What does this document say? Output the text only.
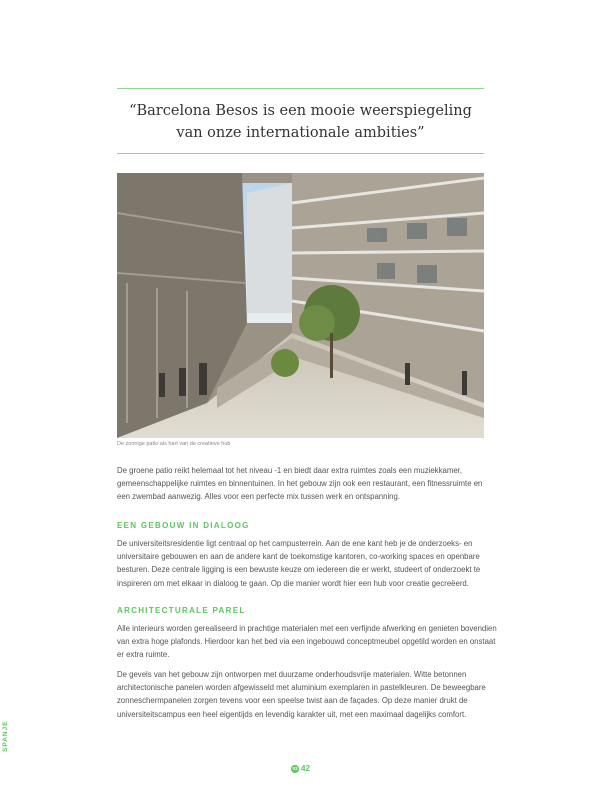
“Barcelona Besos is een mooie weerspiegeling
van onze internationale ambities”
De zonnige patio als hart van de creatieve hub
De groene patio reikt helemaal tot het niveau -1 en biedt daar extra ruimtes zoals een muziekkamer,
gemeenschappelijke ruimtes en binnentuinen. In het gebouw zijn ook een restaurant, een fitnessruimte en
een zwembad aanwezig. Alles voor een perfecte mix tussen werk en ontspanning.
EEN GEBOUW IN DIALOOG
De universiteitsresidentie ligt centraal op het campusterrein. Aan de ene kant heb je de onderzoeks- en
universitaire gebouwen en aan de andere kant de toekomstige kantoren, co-working spaces en openbare
besturen. Deze centrale ligging is een bewuste keuze om iedereen die er werkt, studeert of onderzoekt te
inspireren om met elkaar in dialoog te gaan. Op die manier wordt hier een hub voor creatie gecreëerd.
ARCHITECTURALE PAREL
Alle interieurs worden gerealiseerd in prachtige materialen met een verfijnde afwerking en genieten bovendien
van extra hoge plafonds. Hierdoor kan het bed via een ingebouwd conceptmeubel opgetild worden en onstaat
er extra ruimte.
De gevels van het gebouw zijn ontworpen met duurzame onderhoudsvrije materialen. Witte betonnen
architectonische panelen worden afgewisseld met aluminium exemplaren in pastelkleuren. De beweegbare
zonneschermpanelen zorgen tevens voor een speelse twist aan de façades. Op deze manier drukt de
universiteitscampus een heel eigentijds en levendig karakter uit, met een maximaal dagelijks comfort.
SPANJE
03 42
